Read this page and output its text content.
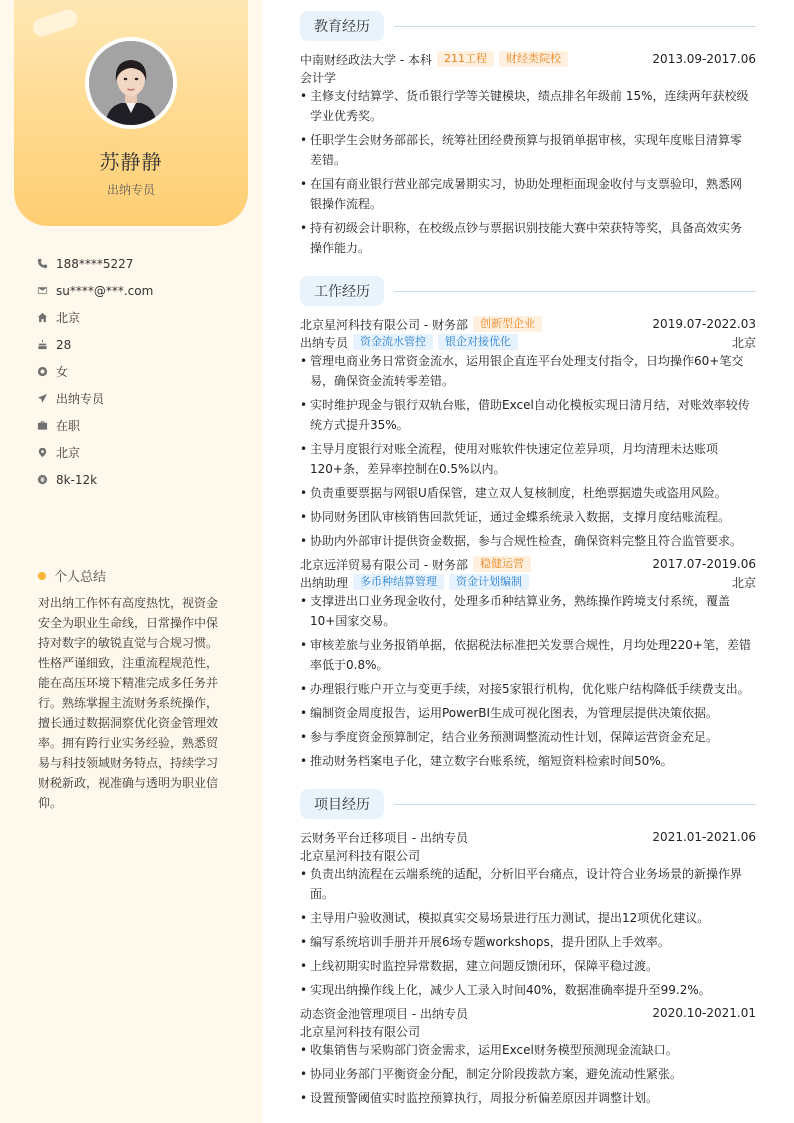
苏静静
出纳专员
188****5227
su****@***.com
北京
28
女
出纳专员
在职
北京
8k-12k
个人总结
对出纳工作怀有高度热忱，视资金安全为职业生命线，日常操作中保持对数字的敏锐直觉与合规习惯。性格严谨细致，注重流程规范性，能在高压环境下精准完成多任务并行。熟练掌握主流财务系统操作，擅长通过数据洞察优化资金管理效率。拥有跨行业实务经验，熟悉贸易与科技领域财务特点，持续学习财税新政，视准确与透明为职业信仰。
教育经历
中南财经政法大学 - 本科	211工程	财经类院校	2013.09-2017.06
会计学
• 主修支付结算学、货币银行学等关键模块，绩点排名年级前 15%，连续两年获校级学业优秀奖。
• 任职学生会财务部部长，统筹社团经费预算与报销单据审核，实现年度账目清算零差错。
• 在国有商业银行营业部完成暑期实习，协助处理柜面现金收付与支票验印，熟悉网银操作流程。
• 持有初级会计职称，在校级点钞与票据识别技能大赛中荣获特等奖，具备高效实务操作能力。
工作经历
北京星河科技有限公司 - 财务部	创新型企业	2019.07-2022.03
出纳专员	资金流水管控	银企对接优化	北京
• 管理电商业务日常资金流水，运用银企直连平台处理支付指令，日均操作60+笔交易，确保资金流转零差错。
• 实时维护现金与银行双轨台账，借助Excel自动化模板实现日清月结，对账效率较传统方式提升35%。
• 主导月度银行对账全流程，使用对账软件快速定位差异项，月均清理未达账项120+条，差异率控制在0.5%以内。
• 负责重要票据与网银U盾保管，建立双人复核制度，杜绝票据遗失或盗用风险。
• 协同财务团队审核销售回款凭证，通过金蝶系统录入数据，支撑月度结账流程。
• 协助内外部审计提供资金数据，参与合规性检查，确保资料完整且符合监管要求。
北京远洋贸易有限公司 - 财务部	稳健运营	2017.07-2019.06
出纳助理	多币种结算管理	资金计划编制	北京
• 支撑进出口业务现金收付，处理多币种结算业务，熟练操作跨境支付系统，覆盖10+国家交易。
• 审核差旅与业务报销单据，依据税法标准把关发票合规性，月均处理220+笔，差错率低于0.8%。
• 办理银行账户开立与变更手续，对接5家银行机构，优化账户结构降低手续费支出。
• 编制资金周度报告，运用PowerBI生成可视化图表，为管理层提供决策依据。
• 参与季度资金预算制定，结合业务预测调整流动性计划，保障运营资金充足。
• 推动财务档案电子化，建立数字台账系统，缩短资料检索时间50%。
项目经历
云财务平台迁移项目 - 出纳专员	2021.01-2021.06
北京星河科技有限公司
• 负责出纳流程在云端系统的适配，分析旧平台痛点，设计符合业务场景的新操作界面。
• 主导用户验收测试，模拟真实交易场景进行压力测试，提出12项优化建议。
• 编写系统培训手册并开展6场专题workshops，提升团队上手效率。
• 上线初期实时监控异常数据，建立问题反馈闭环，保障平稳过渡。
• 实现出纳操作线上化，减少人工录入时间40%，数据准确率提升至99.2%。
动态资金池管理项目 - 出纳专员	2020.10-2021.01
北京星河科技有限公司
• 收集销售与采购部门资金需求，运用Excel财务模型预测现金流缺口。
• 协同业务部门平衡资金分配，制定分阶段拨款方案，避免流动性紧张。
• 设置预警阈值实时监控预算执行，周报分析偏差原因并调整计划。
